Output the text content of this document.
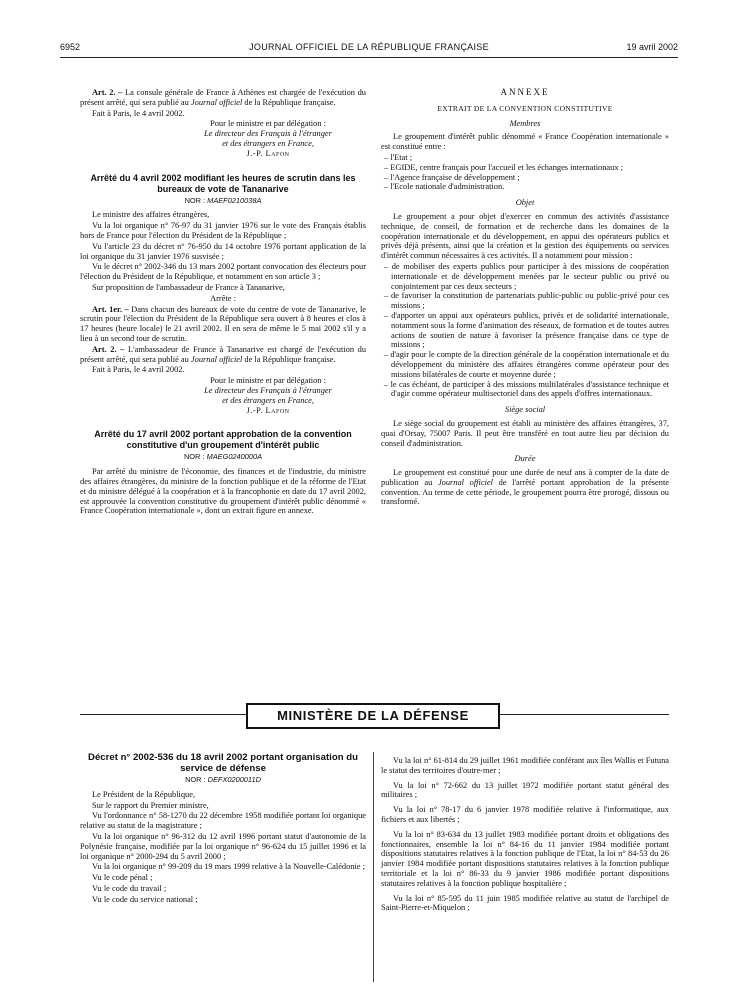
6952	JOURNAL OFFICIEL DE LA RÉPUBLIQUE FRANÇAISE	19 avril 2002

Art. 2. – La consule générale de France à Athènes est chargée de l'exécution du présent arrêté, qui sera publié au Journal officiel de la République française.

Fait à Paris, le 4 avril 2002.

Pour le ministre et par délégation :
Le directeur des Français à l'étranger
et des étrangers en France,
J.-P. Lafon
Arrêté du 4 avril 2002 modifiant les heures de scrutin dans les bureaux de vote de Tananarive
NOR : MAEF0210038A

Le ministre des affaires étrangères,

Vu la loi organique n° 76-97 du 31 janvier 1976 sur le vote des Français établis hors de France pour l'élection du Président de la République ;

Vu l'article 23 du décret n° 76-950 du 14 octobre 1976 portant application de la loi organique du 31 janvier 1976 susvisée ;

Vu le décret n° 2002-346 du 13 mars 2002 portant convocation des électeurs pour l'élection du Président de la République, et notamment en son article 3 ;

Sur proposition de l'ambassadeur de France à Tananarive,

Arrête :

Art. 1er. – Dans chacun des bureaux de vote du centre de vote de Tananarive, le scrutin pour l'élection du Président de la République sera ouvert à 8 heures et clos à 17 heures (heure locale) le 21 avril 2002. Il en sera de même le 5 mai 2002 s'il y a lieu à un second tour de scrutin.

Art. 2. – L'ambassadeur de France à Tananarive est chargé de l'exécution du présent arrêté, qui sera publié au Journal officiel de la République française.

Fait à Paris, le 4 avril 2002.

Pour le ministre et par délégation :
Le directeur des Français à l'étranger
et des étrangers en France,
J.-P. Lafon
Arrêté du 17 avril 2002 portant approbation de la convention constitutive d'un groupement d'intérêt public
NOR : MAEG0240000A

Par arrêté du ministre de l'économie, des finances et de l'industrie, du ministre des affaires étrangères, du ministre de la fonction publique et de la réforme de l'Etat et du ministre délégué à la coopération et à la francophonie en date du 17 avril 2002, est approuvée la convention constitutive du groupement d'intérêt public dénommé « France Coopération internationale », dont un extrait figure en annexe.

ANNEXE

EXTRAIT DE LA CONVENTION CONSTITUTIVE

Membres

Le groupement d'intérêt public dénommé « France Coopération internationale » est constitué entre :

– l'Etat ;
– EGIDE, centre français pour l'accueil et les échanges internationaux ;
– l'Agence française de développement ;
– l'Ecole nationale d'administration.

Objet

Le groupement a pour objet d'exercer en commun des activités d'assistance technique, de conseil, de formation et de recherche dans les domaines de la coopération internationale et du développement, en appui des opérateurs publics et privés déjà présents, ainsi que la création et la gestion des équipements ou services d'intérêt commun nécessaires à ces activités. Il a notamment pour mission :

– de mobiliser des experts publics pour participer à des missions de coopération internationale et de développement menées par le secteur public ou privé ou conjointement par ces deux secteurs ;
– de favoriser la constitution de partenariats public-public ou public-privé pour ces missions ;
– d'apporter un appui aux opérateurs publics, privés et de solidarité internationale, notamment sous la forme d'animation des réseaux, de formation et de toutes autres actions de soutien de nature à favoriser la présence française dans ce type de missions ;
– d'agir pour le compte de la direction générale de la coopération internationale et du développement du ministère des affaires étrangères comme opérateur pour des missions bilatérales de courte et moyenne durée ;
– le cas échéant, de participer à des missions multilatérales d'assistance technique et d'agir comme opérateur multisectoriel dans des appels d'offres internationaux.

Siège social

Le siège social du groupement est établi au ministère des affaires étrangères, 37, quai d'Orsay, 75007 Paris. Il peut être transféré en tout autre lieu par décision du conseil d'administration.

Durée

Le groupement est constitué pour une durée de neuf ans à compter de la date de publication au Journal officiel de l'arrêté portant approbation de la présente convention. Au terme de cette période, le groupement pourra être prorogé, dissous ou transformé.

MINISTÈRE DE LA DÉFENSE
Décret n° 2002-536 du 18 avril 2002 portant organisation du service de défense
NOR : DEFX0200011D

Le Président de la République,

Sur le rapport du Premier ministre,

Vu l'ordonnance n° 58-1270 du 22 décembre 1958 modifiée portant loi organique relative au statut de la magistrature ;

Vu la loi organique n° 96-312 du 12 avril 1996 portant statut d'autonomie de la Polynésie française, modifiée par la loi organique n° 96-624 du 15 juillet 1996 et la loi organique n° 2000-294 du 5 avril 2000 ;

Vu la loi organique n° 99-209 du 19 mars 1999 relative à la Nouvelle-Calédonie ;

Vu le code pénal ;

Vu le code du travail ;

Vu le code du service national ;

Vu la loi n° 61-814 du 29 juillet 1961 modifiée conférant aux îles Wallis et Futuna le statut des territoires d'outre-mer ;

Vu la loi n° 72-662 du 13 juillet 1972 modifiée portant statut général des militaires ;

Vu la loi n° 78-17 du 6 janvier 1978 modifiée relative à l'informatique, aux fichiers et aux libertés ;

Vu la loi n° 83-634 du 13 juillet 1983 modifiée portant droits et obligations des fonctionnaires, ensemble la loi n° 84-16 du 11 janvier 1984 modifiée portant dispositions statutaires relatives à la fonction publique de l'Etat, la loi n° 84-53 du 26 janvier 1984 modifiée portant dispositions statutaires relatives à la fonction publique territoriale et la loi n° 86-33 du 9 janvier 1986 modifiée portant dispositions statutaires relatives à la fonction publique hospitalière ;

Vu la loi n° 85-595 du 11 juin 1985 modifiée relative au statut de l'archipel de Saint-Pierre-et-Miquelon ;
